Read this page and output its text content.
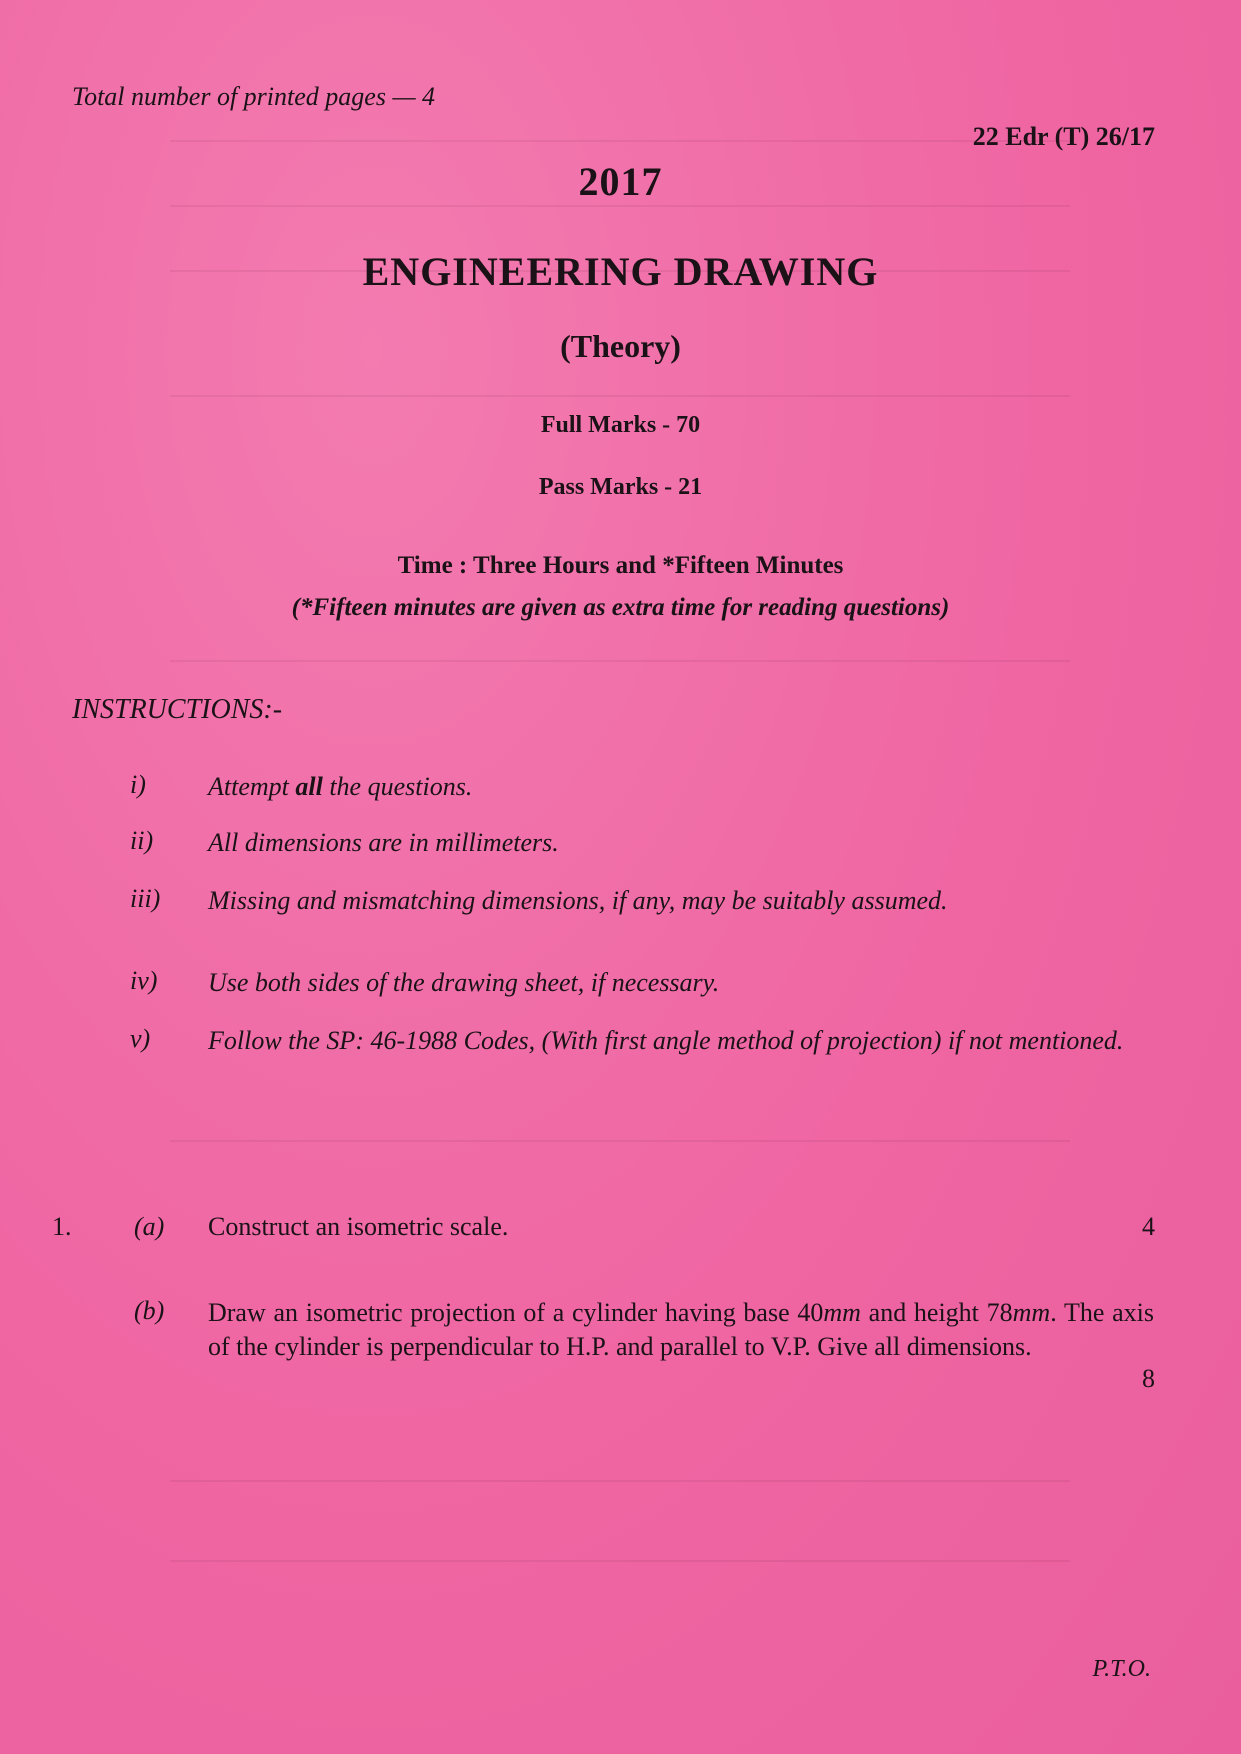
Total number of printed pages — 4
22 Edr (T) 26/17
2017
ENGINEERING DRAWING
(Theory)
Full Marks - 70
Pass Marks - 21
Time : Three Hours and *Fifteen Minutes
(*Fifteen minutes are given as extra time for reading questions)
INSTRUCTIONS:-
i)	Attempt all the questions.
ii)	All dimensions are in millimeters.
iii)	Missing and mismatching dimensions, if any, may be suitably assumed.
iv)	Use both sides of the drawing sheet, if necessary.
v)	Follow the SP: 46-1988 Codes, (With first angle method of projection) if not mentioned.
1. (a) Construct an isometric scale.	4
(b) Draw an isometric projection of a cylinder having base 40mm and height 78mm. The axis of the cylinder is perpendicular to H.P. and parallel to V.P. Give all dimensions.
8
P.T.O.
